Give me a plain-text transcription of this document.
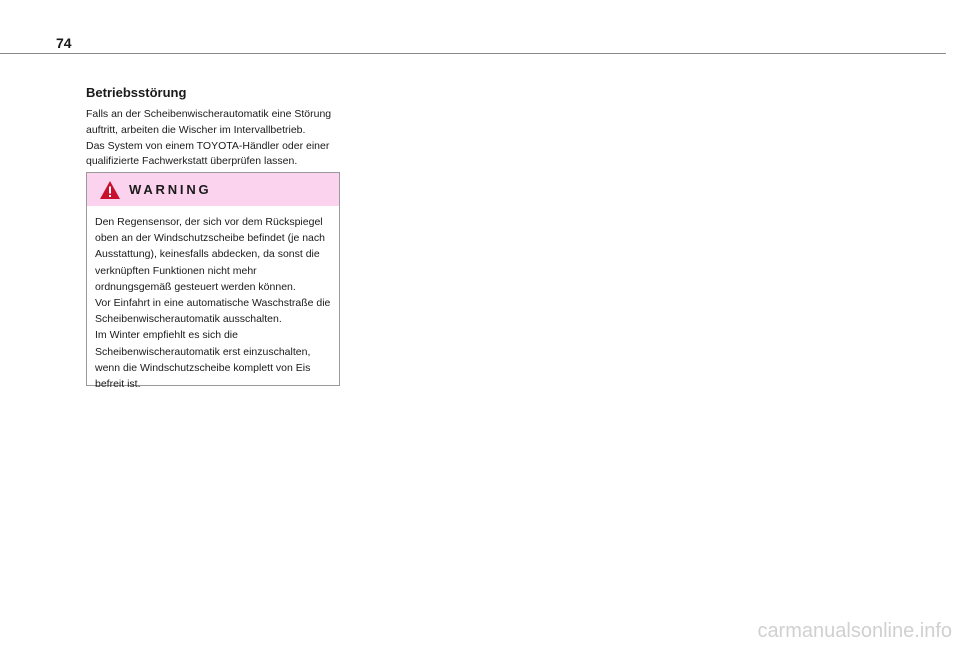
74
Betriebsstörung

Falls an der Scheibenwischerautomatik eine Störung auftritt, arbeiten die Wischer im Intervallbetrieb.

Das System von einem TOYOTA-Händler oder einer qualifizierte Fachwerkstatt überprüfen lassen.

WARNING

Den Regensensor, der sich vor dem Rückspiegel oben an der Windschutzscheibe befindet (je nach Ausstattung), keinesfalls abdecken, da sonst die verknüpften Funktionen nicht mehr ordnungsgemäß gesteuert werden können.

Vor Einfahrt in eine automatische Waschstraße die Scheibenwischerautomatik ausschalten.

Im Winter empfiehlt es sich die Scheibenwischerautomatik erst einzuschalten, wenn die Windschutzscheibe komplett von Eis befreit ist.

carmanualsonline.info
